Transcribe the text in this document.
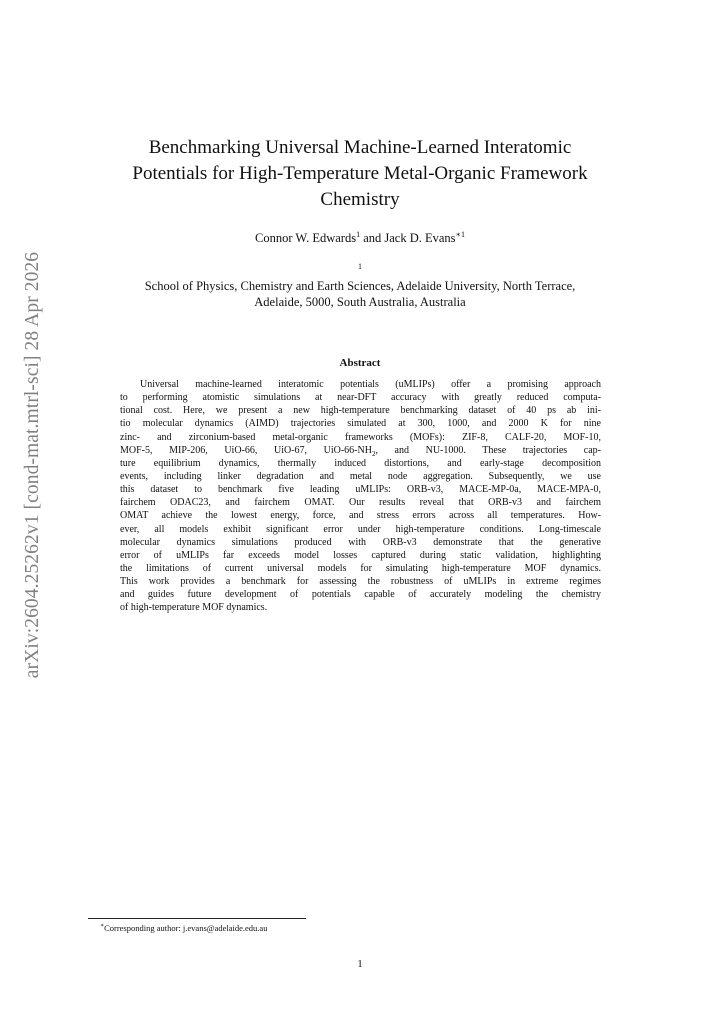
arXiv:2604.25262v1 [cond-mat.mtrl-sci] 28 Apr 2026
Benchmarking Universal Machine-Learned Interatomic
Potentials for High-Temperature Metal-Organic Framework
Chemistry
Connor W. Edwards$^1$ and Jack D. Evans$^{∗1}$
$^1$
School of Physics, Chemistry and Earth Sciences, Adelaide University, North Terrace,
Adelaide, 5000, South Australia, Australia
Abstract
Universal machine-learned interatomic potentials (uMLIPs) offer a promising approach
to performing atomistic simulations at near-DFT accuracy with greatly reduced computa-
tional cost. Here, we present a new high-temperature benchmarking dataset of 40 ps ab ini-
tio molecular dynamics (AIMD) trajectories simulated at 300, 1000, and 2000 K for nine
zinc- and zirconium-based metal-organic frameworks (MOFs): ZIF-8, CALF-20, MOF-10,
MOF-5, MIP-206, UiO-66, UiO-67, UiO-$66-NH_2$, and NU-1000. These trajectories cap-
ture equilibrium dynamics, thermally induced distortions, and early-stage decomposition
events, including linker degradation and metal node aggregation. Subsequently, we use
this dataset to benchmark five leading uMLIPs: ORB-v3, MACE-MP-0a, MACE-MPA-0,
fairchem ODAC23, and fairchem OMAT. Our results reveal that ORB-v3 and fairchem
OMAT achieve the lowest energy, force, and stress errors across all temperatures. How-
ever, all models exhibit significant error under high-temperature conditions. Long-timescale
molecular dynamics simulations produced with ORB-v3 demonstrate that the generative
error of uMLIPs far exceeds model losses captured during static validation, highlighting
the limitations of current universal models for simulating high-temperature MOF dynamics.
This work provides a benchmark for assessing the robustness of uMLIPs in extreme regimes
and guides future development of potentials capable of accurately modeling the chemistry
of high-temperature MOF dynamics.
∗Corresponding author: j.evans@adelaide.edu.au
1
